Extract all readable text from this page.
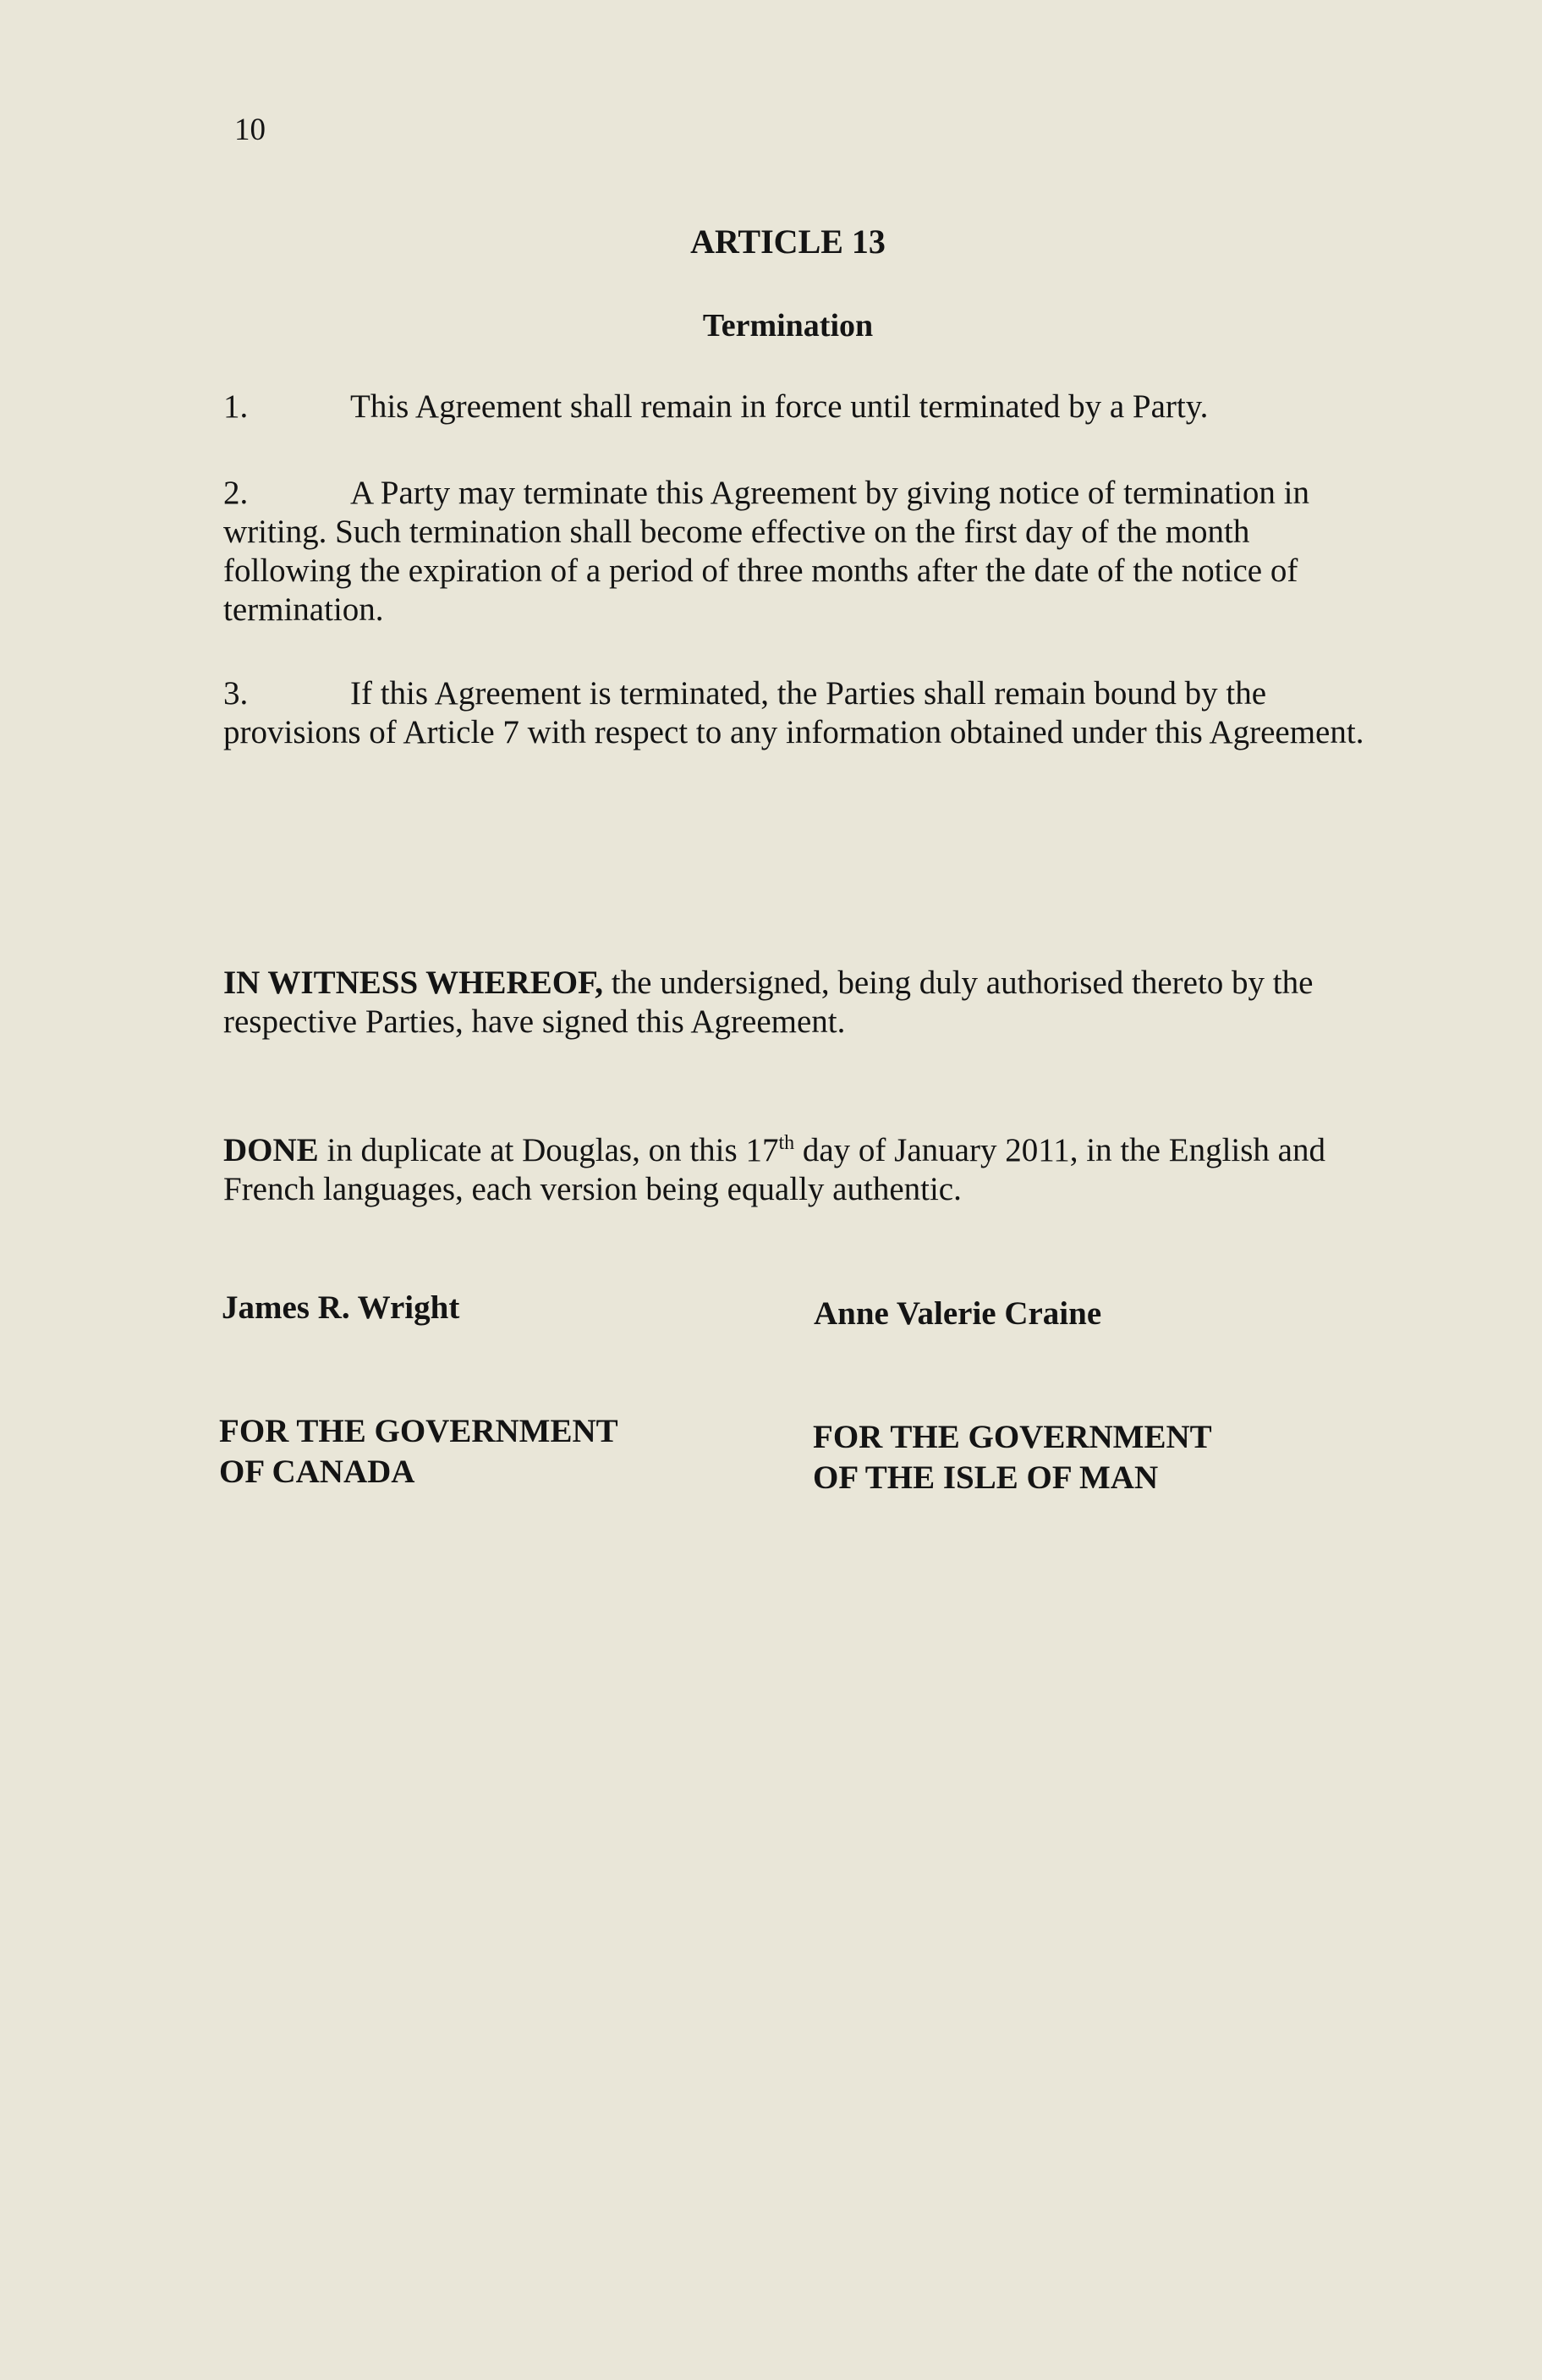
10
ARTICLE 13
Termination
1.	This Agreement shall remain in force until terminated by a Party.
2.	A Party may terminate this Agreement by giving notice of termination in writing. Such termination shall become effective on the first day of the month following the expiration of a period of three months after the date of the notice of termination.
3.	If this Agreement is terminated, the Parties shall remain bound by the provisions of Article 7 with respect to any information obtained under this Agreement.
IN WITNESS WHEREOF, the undersigned, being duly authorised thereto by the respective Parties, have signed this Agreement.
DONE in duplicate at Douglas, on this 17th day of January 2011, in the English and French languages, each version being equally authentic.
James R. Wright	Anne Valerie Craine
FOR THE GOVERNMENT
OF CANADA
FOR THE GOVERNMENT
OF THE ISLE OF MAN
